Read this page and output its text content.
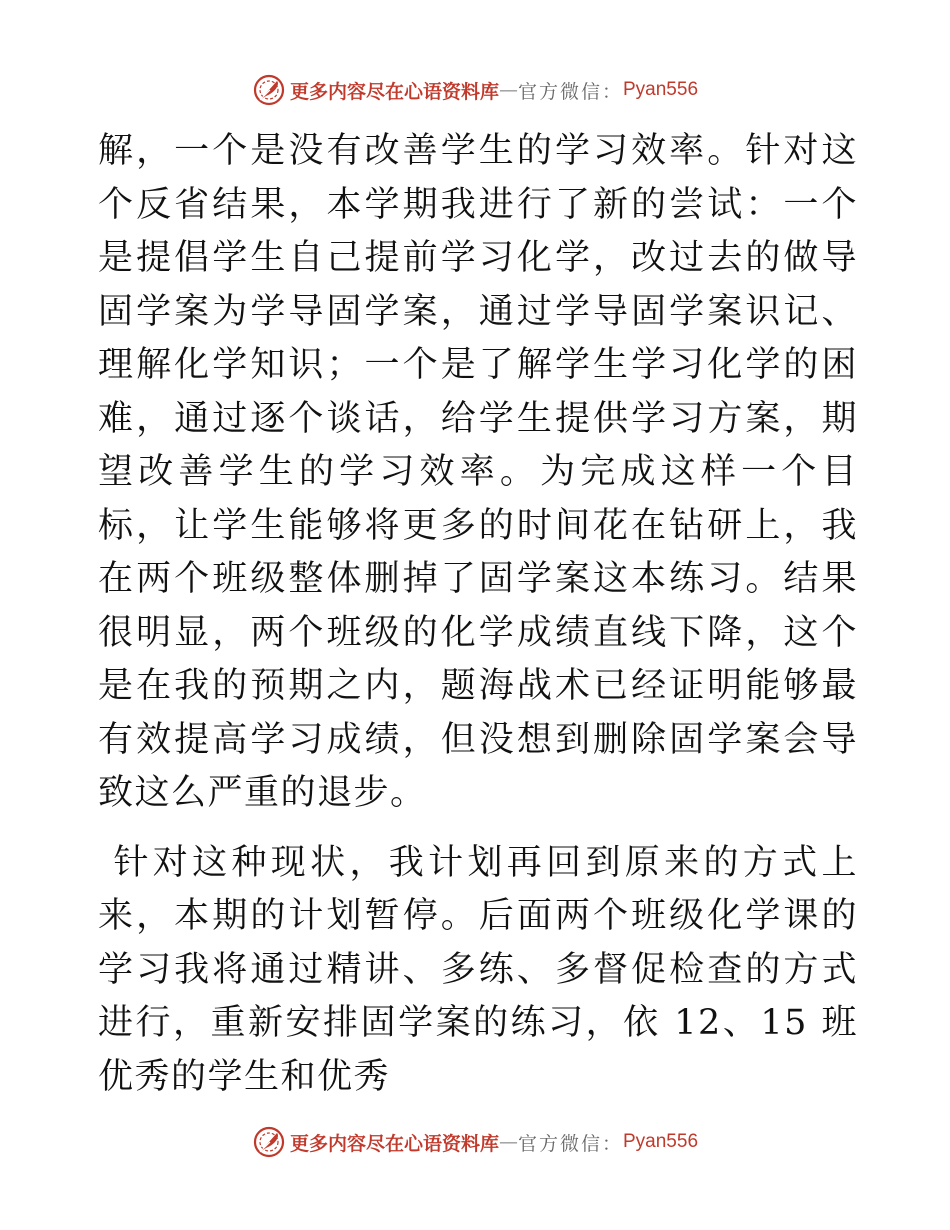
更多内容尽在心语资料库 — 官方微信： Pyan556

解，一个是没有改善学生的学习效率。针对这个反省结果，本学期我进行了新的尝试：一个是提倡学生自己提前学习化学，改过去的做导固学案为学导固学案，通过学导固学案识记、理解化学知识；一个是了解学生学习化学的困难，通过逐个谈话，给学生提供学习方案，期望改善学生的学习效率。为完成这样一个目标，让学生能够将更多的时间花在钻研上，我在两个班级整体删掉了固学案这本练习。结果很明显，两个班级的化学成绩直线下降，这个是在我的预期之内，题海战术已经证明能够最有效提高学习成绩，但没想到删除固学案会导致这么严重的退步。

针对这种现状，我计划再回到原来的方式上来，本期的计划暂停。后面两个班级化学课的学习我将通过精讲、多练、多督促检查的方式进行，重新安排固学案的练习，依 12、15 班优秀的学生和优秀

更多内容尽在心语资料库 — 官方微信： Pyan556
